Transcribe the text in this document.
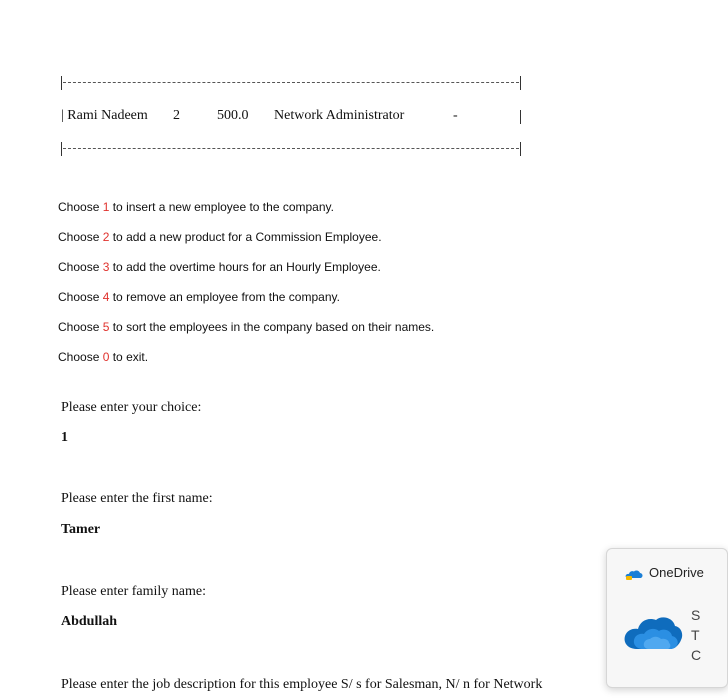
| Rami Nadeem 2	500.0 Network Administrator	-
Choose 1 to insert a new employee to the company.
Choose 2 to add a new product for a Commission Employee.
Choose 3 to add the overtime hours for an Hourly Employee.
Choose 4 to remove an employee from the company.
Choose 5 to sort the employees in the company based on their names.
Choose 0 to exit.
Please enter your choice:
1
Please enter the first name:
Tamer
Please enter family name:
Abdullah
Please enter the job description for this employee S/ s for Salesman, N/ n for Network
OneDrive
S
T
C
